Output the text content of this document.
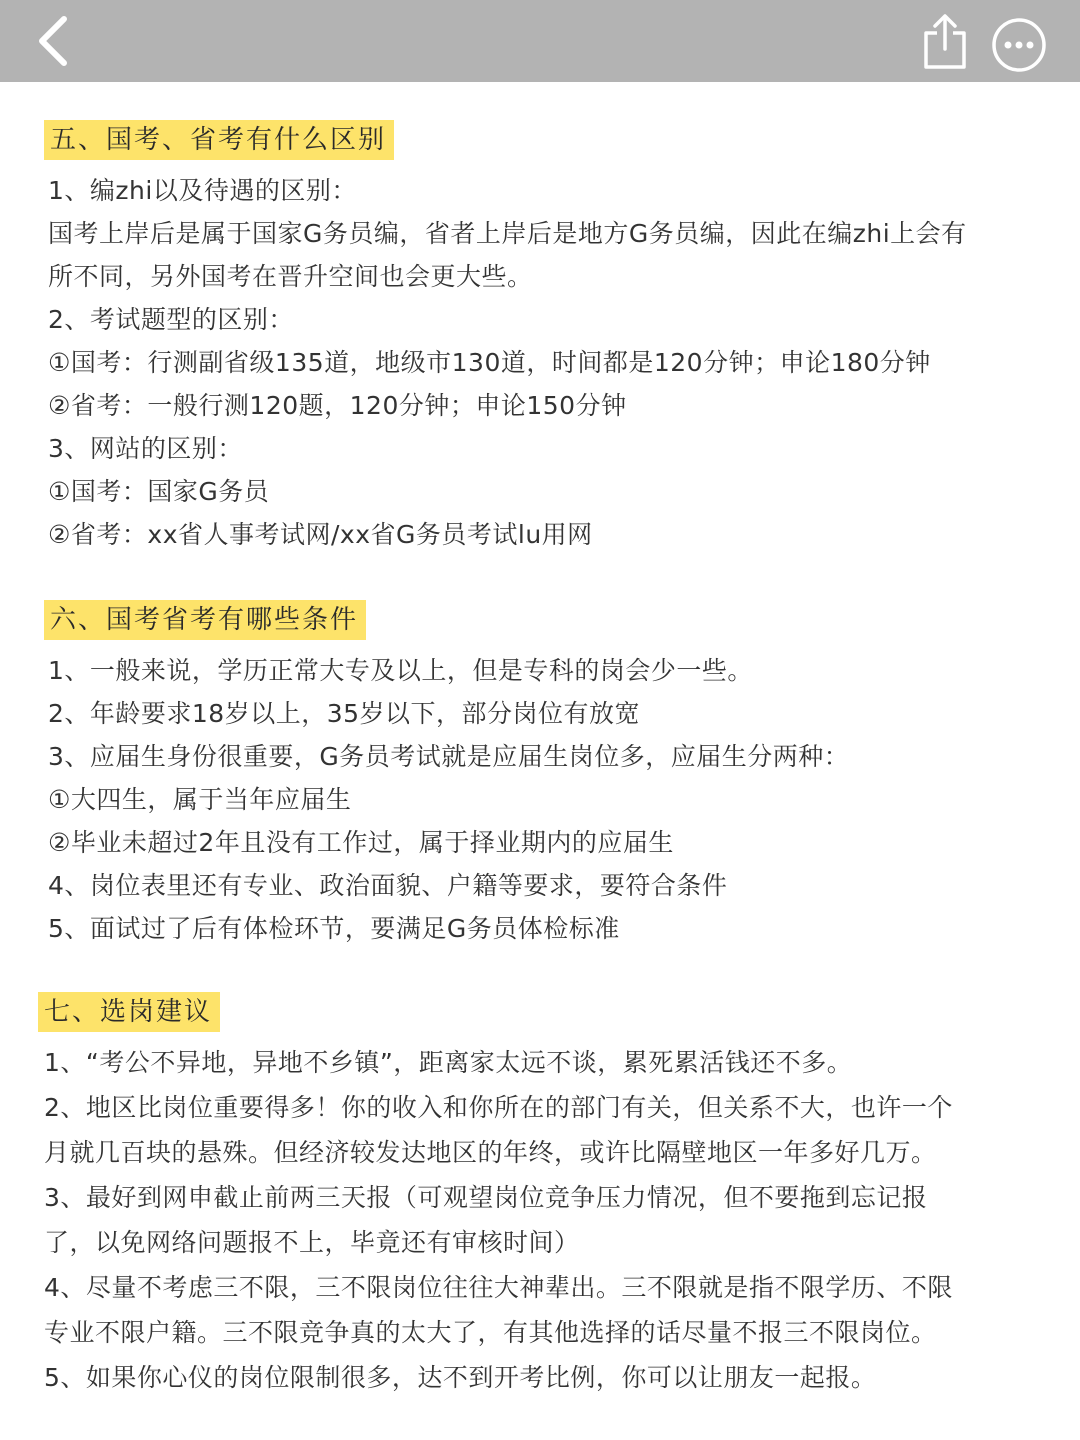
五、国考、省考有什么区别
1、编zhi以及待遇的区别：
国考上岸后是属于国家G务员编，省者上岸后是地方G务员编，因此在编zhi上会有
所不同，另外国考在晋升空间也会更大些。
2、考试题型的区别：
①国考：行测副省级135道，地级市130道，时间都是120分钟；申论180分钟
②省考：一般行测120题，120分钟；申论150分钟
3、网站的区别：
①国考：国家G务员
②省考：xx省人事考试网/xx省G务员考试lu用网
六、国考省考有哪些条件
1、一般来说，学历正常大专及以上，但是专科的岗会少一些。
2、年龄要求18岁以上，35岁以下，部分岗位有放宽
3、应届生身份很重要，G务员考试就是应届生岗位多，应届生分两种：
①大四生，属于当年应届生
②毕业未超过2年且没有工作过，属于择业期内的应届生
4、岗位表里还有专业、政治面貌、户籍等要求，要符合条件
5、面试过了后有体检环节，要满足G务员体检标准
七、选岗建议
1、“考公不异地，异地不乡镇”，距离家太远不谈，累死累活钱还不多。
2、地区比岗位重要得多！你的收入和你所在的部门有关，但关系不大，也许一个
月就几百块的悬殊。但经济较发达地区的年终，或许比隔壁地区一年多好几万。
3、最好到网申截止前两三天报（可观望岗位竞争压力情况，但不要拖到忘记报
了，以免网络问题报不上，毕竟还有审核时间）
4、尽量不考虑三不限，三不限岗位往往大神辈出。三不限就是指不限学历、不限
专业不限户籍。三不限竞争真的太大了，有其他选择的话尽量不报三不限岗位。
5、如果你心仪的岗位限制很多，达不到开考比例，你可以让朋友一起报。
